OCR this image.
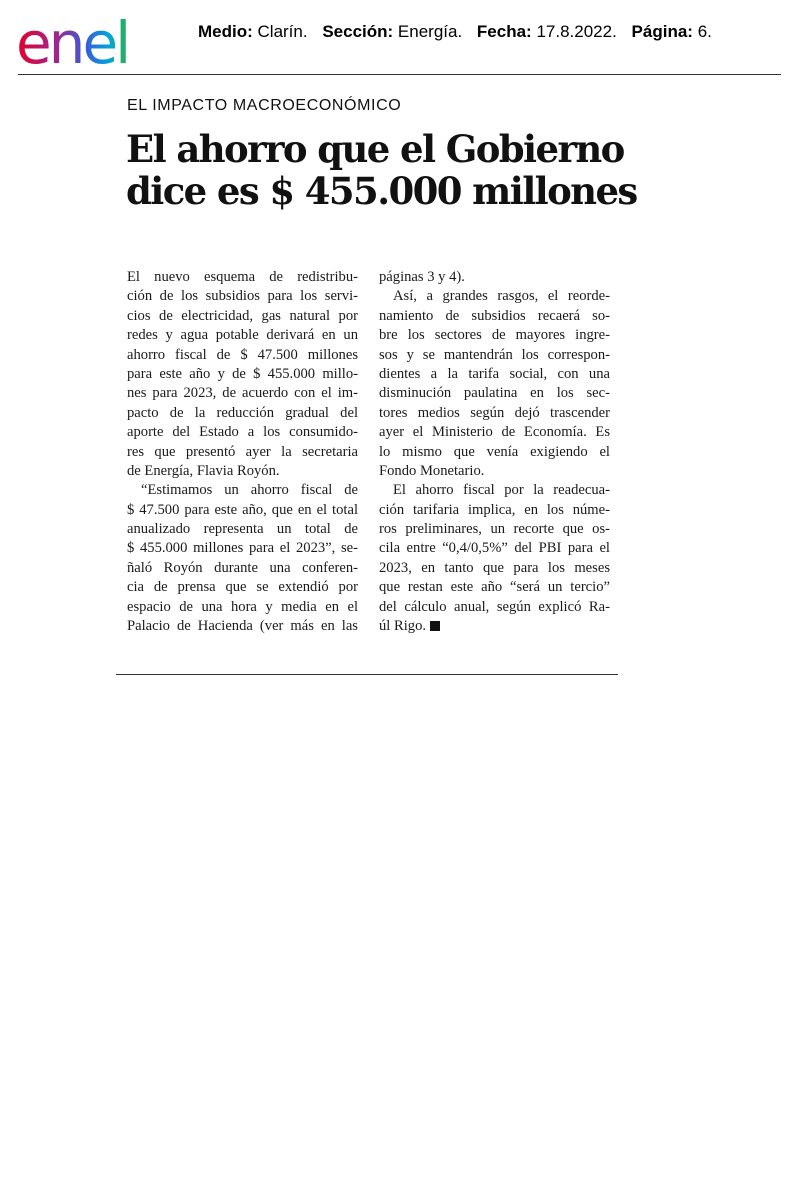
enel	Medio: Clarín. Sección: Energía. Fecha: 17.8.2022. Página: 6.
EL IMPACTO MACROECONÓMICO
El ahorro que el Gobierno
dice es $ 455.000 millones
El nuevo esquema de redistribu-
ción de los subsidios para los servi-
cios de electricidad, gas natural por
redes y agua potable derivará en un
ahorro fiscal de $ 47.500 millones
para este año y de $ 455.000 millo-
nes para 2023, de acuerdo con el im-
pacto de la reducción gradual del
aporte del Estado a los consumido-
res que presentó ayer la secretaria
de Energía, Flavia Royón.
“Estimamos un ahorro fiscal de
$ 47.500 para este año, que en el total
anualizado representa un total de
$ 455.000 millones para el 2023”, se-
ñaló Royón durante una conferen-
cia de prensa que se extendió por
espacio de una hora y media en el
Palacio de Hacienda (ver más en las
páginas 3 y 4).
Así, a grandes rasgos, el reorde-
namiento de subsidios recaerá so-
bre los sectores de mayores ingre-
sos y se mantendrán los correspon-
dientes a la tarifa social, con una
disminución paulatina en los sec-
tores medios según dejó trascender
ayer el Ministerio de Economía. Es
lo mismo que venía exigiendo el
Fondo Monetario.
El ahorro fiscal por la readecua-
ción tarifaria implica, en los núme-
ros preliminares, un recorte que os-
cila entre “0,4/0,5%” del PBI para el
2023, en tanto que para los meses
que restan este año “será un tercio”
del cálculo anual, según explicó Ra-
úl Rigo.
